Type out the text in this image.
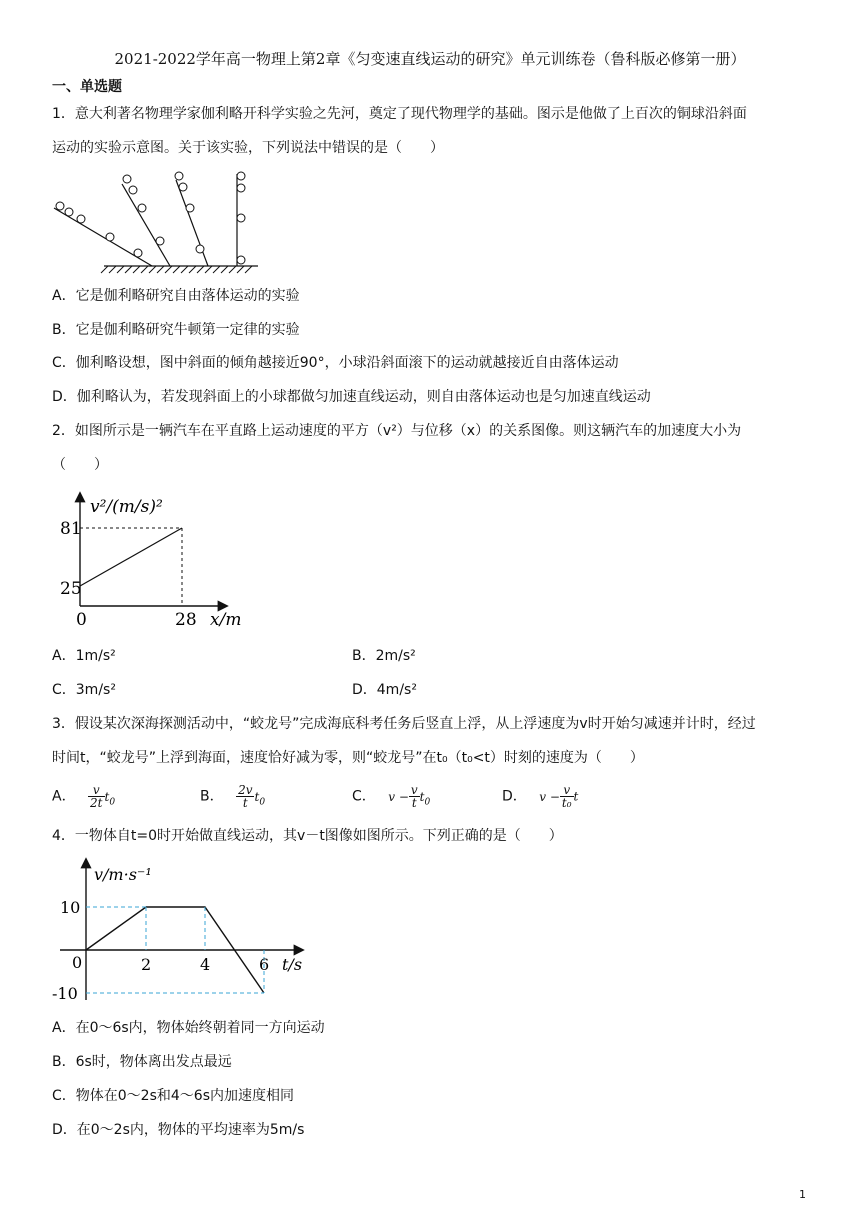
2021-2022学年高一物理上第2章《匀变速直线运动的研究》单元训练卷（鲁科版必修第一册）
一、单选题
1．意大利著名物理学家伽利略开科学实验之先河，奠定了现代物理学的基础。图示是他做了上百次的铜球沿斜面
运动的实验示意图。关于该实验，下列说法中错误的是（　　）
A．它是伽利略研究自由落体运动的实验
B．它是伽利略研究牛顿第一定律的实验
C．伽利略设想，图中斜面的倾角越接近90°，小球沿斜面滚下的运动就越接近自由落体运动
D．伽利略认为，若发现斜面上的小球都做匀加速直线运动，则自由落体运动也是匀加速直线运动
2．如图所示是一辆汽车在平直路上运动速度的平方（v²）与位移（x）的关系图像。则这辆汽车的加速度大小为
（　　）
v²/(m/s)²
81
25
0	28 x/m
A．1m/s²	B．2m/s²
C．3m/s²	D．4m/s²
3．假设某次深海探测活动中，“蛟龙号”完成海底科考任务后竖直上浮，从上浮速度为v时开始匀减速并计时，经过
时间t，“蛟龙号”上浮到海面，速度恰好减为零，则“蛟龙号”在t₀（t₀<t）时刻的速度为（　　）
A． $\frac{v}{2t} t_0$	B． $\frac{2v}{t} t_0$	C． $v - \frac{v}{t} t_0$	D． $v - \frac{v}{\text{t₀}}$ t
4．一物体自t=0时开始做直线运动，其v－t图像如图所示。下列正确的是（　　）
v/m·s⁻¹
10
-10
0	2	4	6 t/s
A．在0～6s内，物体始终朝着同一方向运动
B．6s时，物体离出发点最远
C．物体在0～2s和4～6s内加速度相同
D．在0～2s内，物体的平均速率为5m/s
1
